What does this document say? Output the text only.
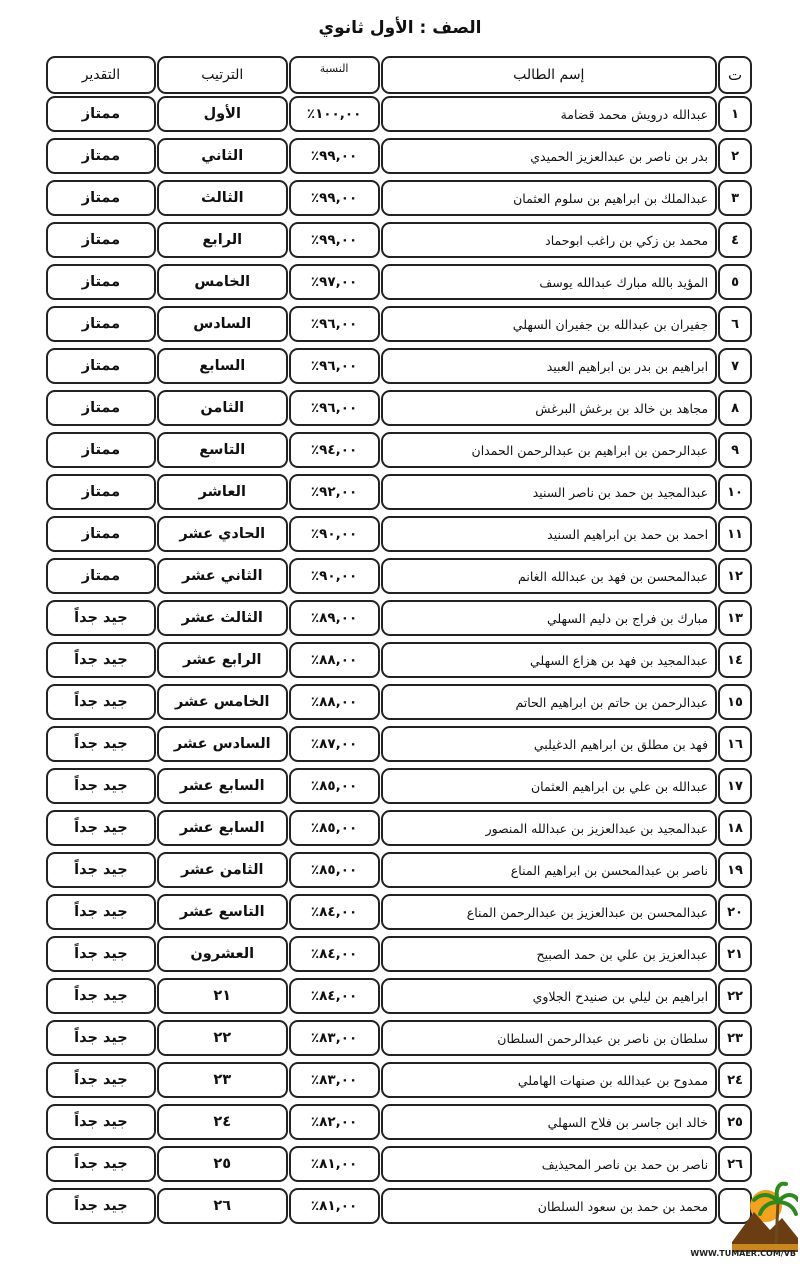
الصف : الأول ثانوي
ت
إسم الطالب
النسبة
الترتيب
التقدير
١
عبدالله درويش محمد قضامة
١٠٠,٠٠٪
الأول
ممتاز
٢
بدر بن ناصر بن عبدالعزيز الحميدي
٩٩,٠٠٪
الثاني
ممتاز
٣
عبدالملك بن ابراهيم بن سلوم العثمان
٩٩,٠٠٪
الثالث
ممتاز
٤
محمد بن زكي بن راغب ابوحماد
٩٩,٠٠٪
الرابع
ممتاز
٥
المؤيد بالله مبارك عبدالله يوسف
٩٧,٠٠٪
الخامس
ممتاز
٦
جفيران بن عبدالله بن جفيران السهلي
٩٦,٠٠٪
السادس
ممتاز
٧
ابراهيم بن بدر بن ابراهيم العبيد
٩٦,٠٠٪
السابع
ممتاز
٨
مجاهد بن خالد بن برغش البرغش
٩٦,٠٠٪
الثامن
ممتاز
٩
عبدالرحمن بن ابراهيم بن عبدالرحمن الحمدان
٩٤,٠٠٪
التاسع
ممتاز
١٠
عبدالمجيد بن حمد بن ناصر السنيد
٩٢,٠٠٪
العاشر
ممتاز
١١
احمد بن حمد بن ابراهيم السنيد
٩٠,٠٠٪
الحادي عشر
ممتاز
١٢
عبدالمحسن بن فهد بن عبدالله الغانم
٩٠,٠٠٪
الثاني عشر
ممتاز
١٣
مبارك بن فراج بن دليم السهلي
٨٩,٠٠٪
الثالث عشر
جيد جداً
١٤
عبدالمجيد بن فهد بن هزاع السهلي
٨٨,٠٠٪
الرابع عشر
جيد جداً
١٥
عبدالرحمن بن حاتم بن ابراهيم الحاتم
٨٨,٠٠٪
الخامس عشر
جيد جداً
١٦
فهد بن مطلق بن ابراهيم الدغيلبي
٨٧,٠٠٪
السادس عشر
جيد جداً
١٧
عبدالله بن علي بن ابراهيم العثمان
٨٥,٠٠٪
السابع عشر
جيد جداً
١٨
عبدالمجيد بن عبدالعزيز بن عبدالله المنصور
٨٥,٠٠٪
السابع عشر
جيد جداً
١٩
ناصر بن عبدالمحسن بن ابراهيم المناع
٨٥,٠٠٪
الثامن عشر
جيد جداً
٢٠
عبدالمحسن بن عبدالعزيز بن عبدالرحمن المناع
٨٤,٠٠٪
التاسع عشر
جيد جداً
٢١
عبدالعزيز بن علي بن حمد الصبيح
٨٤,٠٠٪
العشرون
جيد جداً
٢٢
ابراهيم بن ليلي بن صنيدح الجلاوي
٨٤,٠٠٪
٢١
جيد جداً
٢٣
سلطان بن ناصر بن عبدالرحمن السلطان
٨٣,٠٠٪
٢٢
جيد جداً
٢٤
ممدوح بن عبدالله بن صنهات الهاملي
٨٣,٠٠٪
٢٣
جيد جداً
٢٥
خالد ابن جاسر بن فلاح السهلي
٨٢,٠٠٪
٢٤
جيد جداً
٢٦
ناصر بن حمد بن ناصر المحيذيف
٨١,٠٠٪
٢٥
جيد جداً
محمد بن حمد بن سعود السلطان
٨١,٠٠٪
٢٦
جيد جداً
WWW.TUMAER.COM/VB
